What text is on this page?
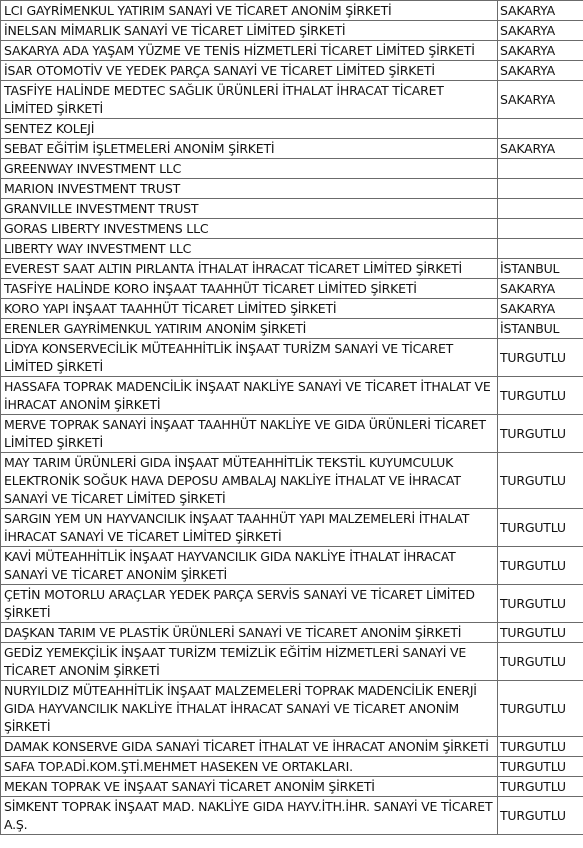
LCI GAYRİMENKUL YATIRIM SANAYİ VE TİCARET ANONİM ŞİRKETİ	SAKARYA
İNELSAN MİMARLIK SANAYİ VE TİCARET LİMİTED ŞİRKETİ	SAKARYA
SAKARYA ADA YAŞAM YÜZME VE TENİS HİZMETLERİ TİCARET LİMİTED ŞİRKETİ	SAKARYA
İSAR OTOMOTİV VE YEDEK PARÇA SANAYİ VE TİCARET LİMİTED ŞİRKETİ	SAKARYA
TASFİYE HALİNDE MEDTEC SAĞLIK ÜRÜNLERİ İTHALAT İHRACAT TİCARET LİMİTED ŞİRKETİ	SAKARYA
SENTEZ KOLEJİ	
SEBAT EĞİTİM İŞLETMELERİ ANONİM ŞİRKETİ	SAKARYA
GREENWAY INVESTMENT LLC	
MARION INVESTMENT TRUST	
GRANVILLE INVESTMENT TRUST	
GORAS LIBERTY INVESTMENS LLC	
LIBERTY WAY INVESTMENT LLC	
EVEREST SAAT ALTIN PIRLANTA İTHALAT İHRACAT TİCARET LİMİTED ŞİRKETİ	İSTANBUL
TASFİYE HALİNDE KORO İNŞAAT TAAHHÜT TİCARET LİMİTED ŞİRKETİ	SAKARYA
KORO YAPI İNŞAAT TAAHHÜT TİCARET LİMİTED ŞİRKETİ	SAKARYA
ERENLER GAYRİMENKUL YATIRIM ANONİM ŞİRKETİ	İSTANBUL
LİDYA KONSERVECİLİK MÜTEAHHİTLİK İNŞAAT TURİZM SANAYİ VE TİCARET LİMİTED ŞİRKETİ	TURGUTLU
HASSAFA TOPRAK MADENCİLİK İNŞAAT NAKLİYE SANAYİ VE TİCARET İTHALAT VE İHRACAT ANONİM ŞİRKETİ	TURGUTLU
MERVE TOPRAK SANAYİ İNŞAAT TAAHHÜT NAKLİYE VE GIDA ÜRÜNLERİ TİCARET LİMİTED ŞİRKETİ	TURGUTLU
MAY TARIM ÜRÜNLERİ GIDA İNŞAAT MÜTEAHHİTLİK TEKSTİL KUYUMCULUK ELEKTRONİK SOĞUK HAVA DEPOSU AMBALAJ NAKLİYE İTHALAT VE İHRACAT SANAYİ VE TİCARET LİMİTED ŞİRKETİ	TURGUTLU
SARGIN YEM UN HAYVANCILIK İNŞAAT TAAHHÜT YAPI MALZEMELERİ İTHALAT İHRACAT SANAYİ VE TİCARET LİMİTED ŞİRKETİ	TURGUTLU
KAVİ MÜTEAHHİTLİK İNŞAAT HAYVANCILIK GIDA NAKLİYE İTHALAT İHRACAT SANAYİ VE TİCARET ANONİM ŞİRKETİ	TURGUTLU
ÇETİN MOTORLU ARAÇLAR YEDEK PARÇA SERVİS SANAYİ VE TİCARET LİMİTED ŞİRKETİ	TURGUTLU
DAŞKAN TARIM VE PLASTİK ÜRÜNLERİ SANAYİ VE TİCARET ANONİM ŞİRKETİ	TURGUTLU
GEDİZ YEMEKÇİLİK İNŞAAT TURİZM TEMİZLİK EĞİTİM HİZMETLERİ SANAYİ VE TİCARET ANONİM ŞİRKETİ	TURGUTLU
NURYILDIZ MÜTEAHHİTLİK İNŞAAT MALZEMELERİ TOPRAK MADENCİLİK ENERJİ GIDA HAYVANCILIK NAKLİYE İTHALAT İHRACAT SANAYİ VE TİCARET ANONİM ŞİRKETİ	TURGUTLU
DAMAK KONSERVE GIDA SANAYİ TİCARET İTHALAT VE İHRACAT ANONİM ŞİRKETİ	TURGUTLU
SAFA TOP.ADİ.KOM.ŞTİ.MEHMET HASEKEN VE ORTAKLARI.	TURGUTLU
MEKAN TOPRAK VE İNŞAAT SANAYİ TİCARET ANONİM ŞİRKETİ	TURGUTLU
SİMKENT TOPRAK İNŞAAT MAD. NAKLİYE GIDA HAYV.İTH.İHR. SANAYİ VE TİCARET A.Ş.	TURGUTLU
